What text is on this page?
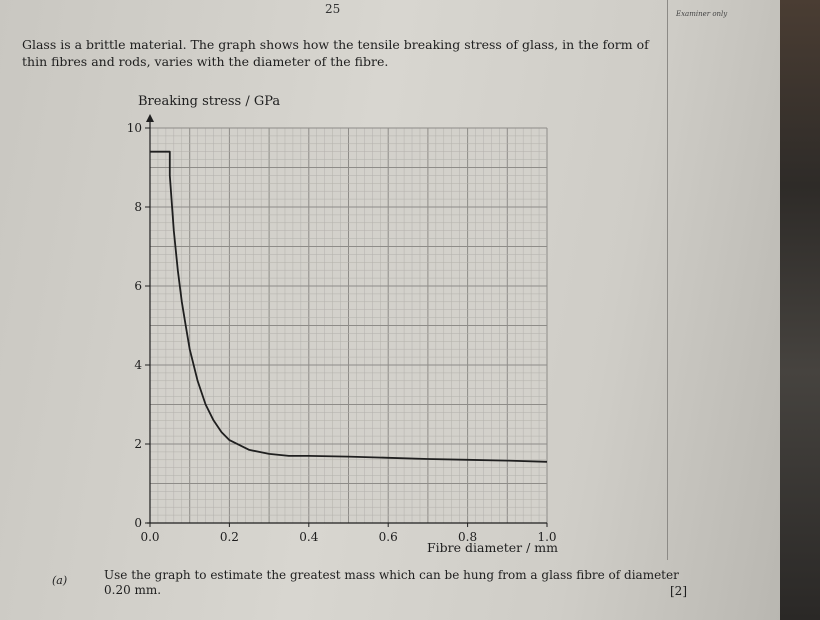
25	Examiner only
Glass is a brittle material. The graph shows how the tensile breaking stress of glass, in the form of thin fibres and rods, varies with the diameter of the fibre.
Breaking stress / GPa
0
2
4
6
8
10
0.0	0.2	0.4	0.6	0.8	1.0
Fibre diameter / mm
(a)	Use the graph to estimate the greatest mass which can be hung from a glass fibre of diameter 0.20 mm.	[2]
